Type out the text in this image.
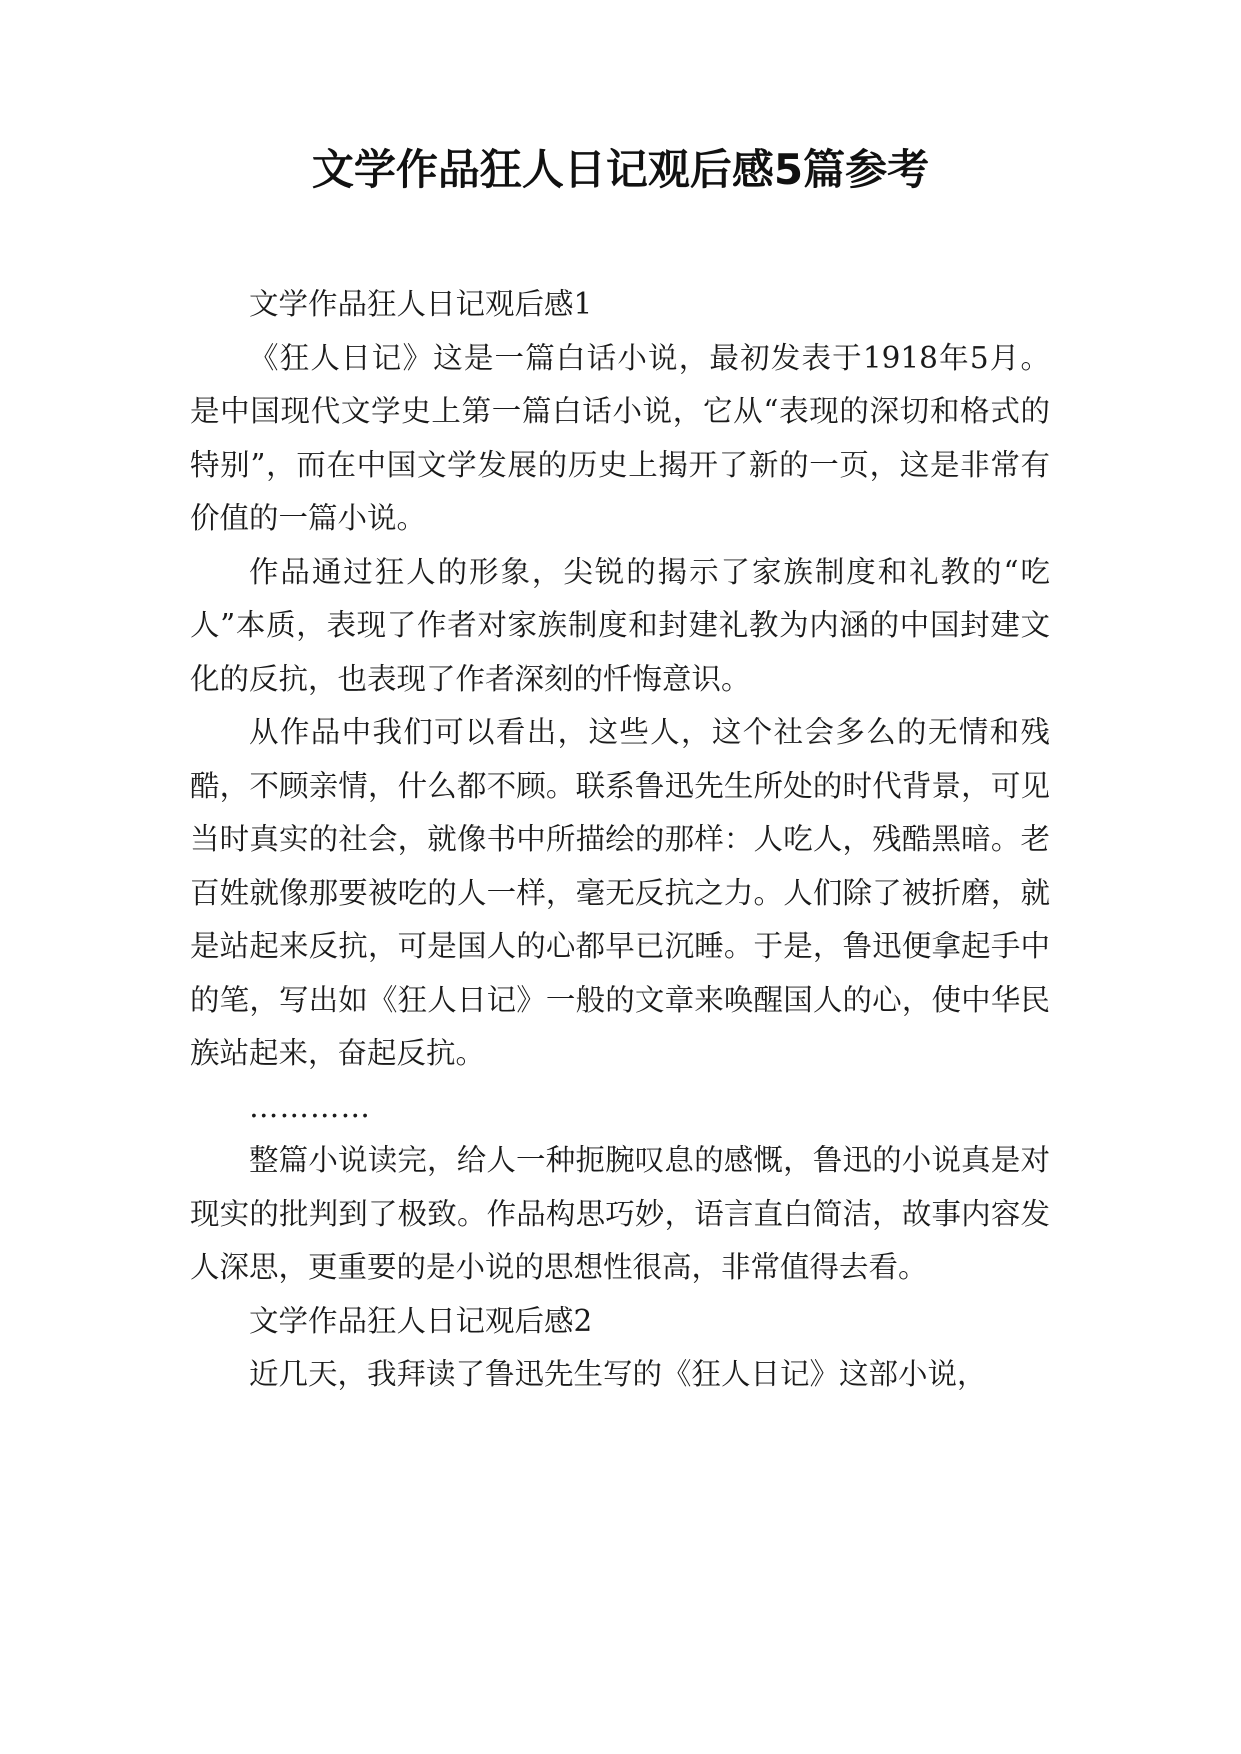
文学作品狂人日记观后感5篇参考

文学作品狂人日记观后感1

《狂人日记》这是一篇白话小说，最初发表于1918年5月。是中国现代文学史上第一篇白话小说，它从“表现的深切和格式的特别”，而在中国文学发展的历史上揭开了新的一页，这是非常有价值的一篇小说。

作品通过狂人的形象，尖锐的揭示了家族制度和礼教的“吃人”本质，表现了作者对家族制度和封建礼教为内涵的中国封建文化的反抗，也表现了作者深刻的忏悔意识。

从作品中我们可以看出，这些人，这个社会多么的无情和残酷，不顾亲情，什么都不顾。联系鲁迅先生所处的时代背景，可见当时真实的社会，就像书中所描绘的那样：人吃人，残酷黑暗。老百姓就像那要被吃的人一样，毫无反抗之力。人们除了被折磨，就是站起来反抗，可是国人的心都早已沉睡。于是，鲁迅便拿起手中的笔，写出如《狂人日记》一般的文章来唤醒国人的心，使中华民族站起来，奋起反抗。

…………

整篇小说读完，给人一种扼腕叹息的感慨，鲁迅的小说真是对现实的批判到了极致。作品构思巧妙，语言直白简洁，故事内容发人深思，更重要的是小说的思想性很高，非常值得去看。

文学作品狂人日记观后感2

近几天，我拜读了鲁迅先生写的《狂人日记》这部小说，
